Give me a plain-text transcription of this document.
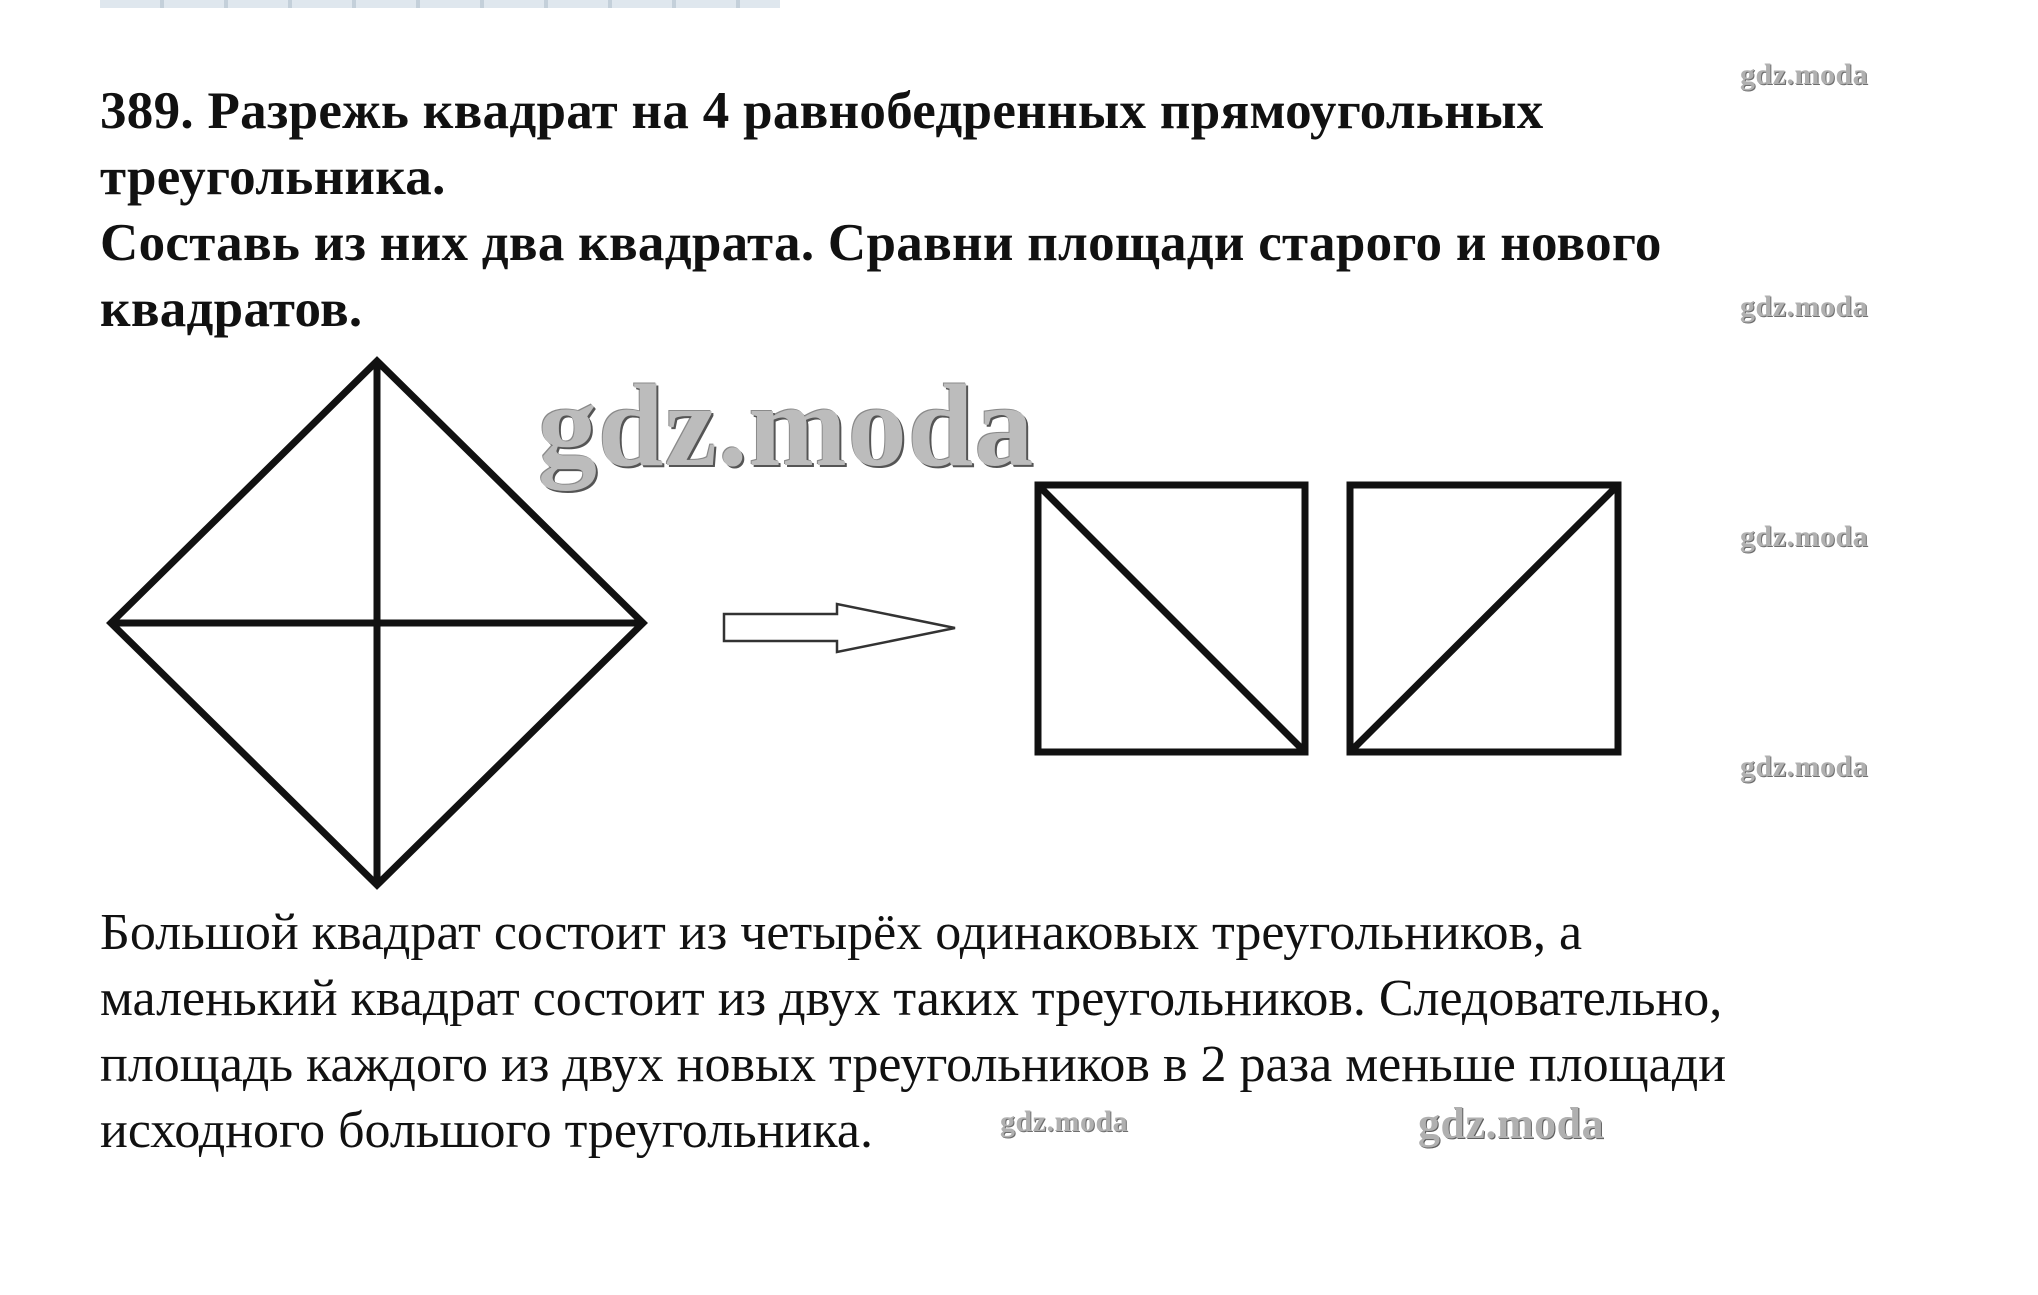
389. Разрежь квадрат на 4 равнобедренных прямоугольных
треугольника.
Составь из них два квадрата. Сравни площади старого и нового
квадратов.
gdz.moda
gdz.moda
gdz.moda
gdz.moda
gdz.moda
gdz.moda
Большой квадрат состоит из четырёх одинаковых треугольников, а
маленький квадрат состоит из двух таких треугольников. Следовательно,
площадь каждого из двух новых треугольников в 2 раза меньше площади
исходного большого треугольника.	gdz.moda
